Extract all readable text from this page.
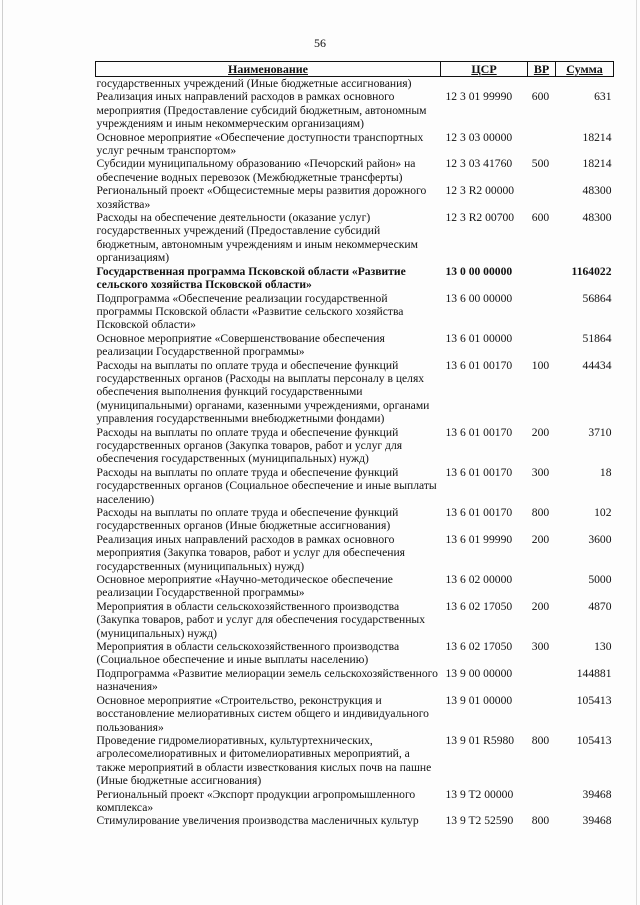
56
Наименование	ЦСР	ВР	Сумма
государственных учреждений (Иные бюджетные ассигнования)			
Реализация иных направлений расходов в рамках основного мероприятия (Предоставление субсидий бюджетным, автономным учреждениям и иным некоммерческим организациям)	12 3 01 99990	600	631
Основное мероприятие «Обеспечение доступности транспортных услуг речным транспортом»	12 3 03 00000		18214
Субсидии муниципальному образованию «Печорский район» на обеспечение водных перевозок (Межбюджетные трансферты)	12 3 03 41760	500	18214
Региональный проект «Общесистемные меры развития дорожного хозяйства»	12 3 R2 00000		48300
Расходы на обеспечение деятельности (оказание услуг) государственных учреждений (Предоставление субсидий бюджетным, автономным учреждениям и иным некоммерческим организациям)	12 3 R2 00700	600	48300
Государственная программа Псковской области «Развитие сельского хозяйства Псковской области»	13 0 00 00000		1164022
Подпрограмма «Обеспечение реализации государственной программы Псковской области «Развитие сельского хозяйства Псковской области»	13 6 00 00000		56864
Основное мероприятие «Совершенствование обеспечения реализации Государственной программы»	13 6 01 00000		51864
Расходы на выплаты по оплате труда и обеспечение функций государственных органов (Расходы на выплаты персоналу в целях обеспечения выполнения функций государственными (муниципальными) органами, казенными учреждениями, органами управления государственными внебюджетными фондами)	13 6 01 00170	100	44434
Расходы на выплаты по оплате труда и обеспечение функций государственных органов (Закупка товаров, работ и услуг для обеспечения государственных (муниципальных) нужд)	13 6 01 00170	200	3710
Расходы на выплаты по оплате труда и обеспечение функций государственных органов (Социальное обеспечение и иные выплаты населению)	13 6 01 00170	300	18
Расходы на выплаты по оплате труда и обеспечение функций государственных органов (Иные бюджетные ассигнования)	13 6 01 00170	800	102
Реализация иных направлений расходов в рамках основного мероприятия (Закупка товаров, работ и услуг для обеспечения государственных (муниципальных) нужд)	13 6 01 99990	200	3600
Основное мероприятие «Научно-методическое обеспечение реализации Государственной программы»	13 6 02 00000		5000
Мероприятия в области сельскохозяйственного производства (Закупка товаров, работ и услуг для обеспечения государственных (муниципальных) нужд)	13 6 02 17050	200	4870
Мероприятия в области сельскохозяйственного производства (Социальное обеспечение и иные выплаты населению)	13 6 02 17050	300	130
Подпрограмма «Развитие мелиорации земель сельскохозяйственного назначения»	13 9 00 00000		144881
Основное мероприятие «Строительство, реконструкция и восстановление мелиоративных систем общего и индивидуального пользования»	13 9 01 00000		105413
Проведение гидромелиоративных, культуртехнических, агролесомелиоративных и фитомелиоративных мероприятий, а также мероприятий в области известкования кислых почв на пашне (Иные бюджетные ассигнования)	13 9 01 R5980	800	105413
Региональный проект «Экспорт продукции агропромышленного комплекса»	13 9 T2 00000		39468
Стимулирование увеличения производства масленичных культур	13 9 T2 52590	800	39468
